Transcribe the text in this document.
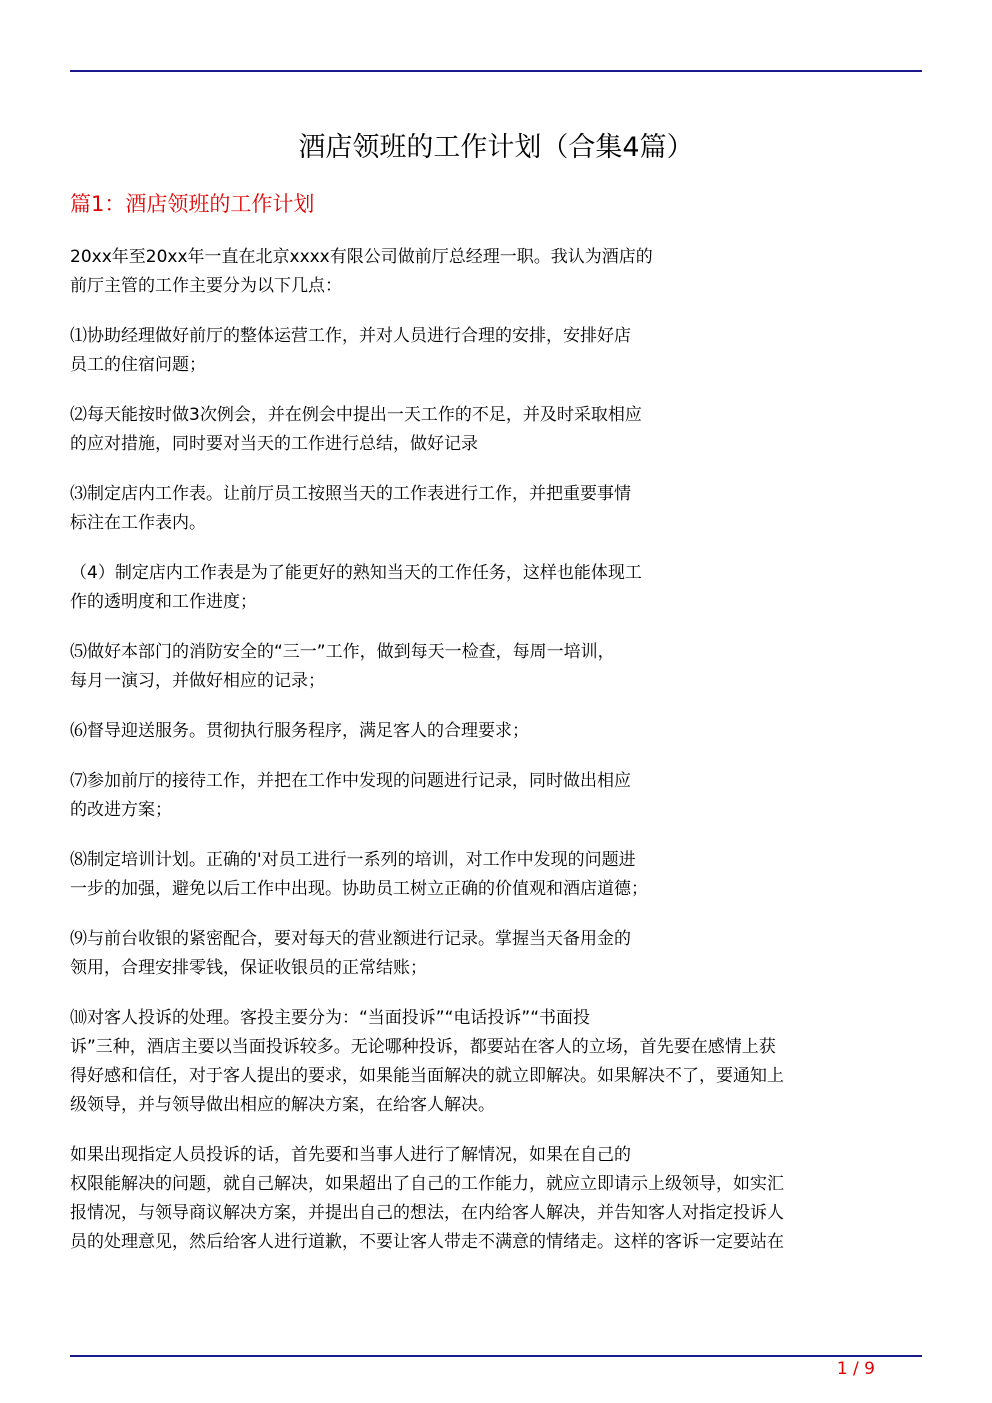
酒店领班的工作计划（合集4篇）
篇1：酒店领班的工作计划

20xx年至20xx年一直在北京xxxx有限公司做前厅总经理一职。我认为酒店的
前厅主管的工作主要分为以下几点：

⑴协助经理做好前厅的整体运营工作，并对人员进行合理的安排，安排好店
员工的住宿问题；

⑵每天能按时做3次例会，并在例会中提出一天工作的不足，并及时采取相应
的应对措施，同时要对当天的工作进行总结，做好记录

⑶制定店内工作表。让前厅员工按照当天的工作表进行工作，并把重要事情
标注在工作表内。

（4）制定店内工作表是为了能更好的熟知当天的工作任务，这样也能体现工
作的透明度和工作进度；

⑸做好本部门的消防安全的“三一”工作，做到每天一检查，每周一培训，
每月一演习，并做好相应的记录；

⑹督导迎送服务。贯彻执行服务程序，满足客人的合理要求；

⑺参加前厅的接待工作，并把在工作中发现的问题进行记录，同时做出相应
的改进方案；

⑻制定培训计划。正确的'对员工进行一系列的培训，对工作中发现的问题进
一步的加强，避免以后工作中出现。协助员工树立正确的价值观和酒店道德；

⑼与前台收银的紧密配合，要对每天的营业额进行记录。掌握当天备用金的
领用，合理安排零钱，保证收银员的正常结账；

⑽对客人投诉的处理。客投主要分为：“当面投诉”“电话投诉”“书面投
诉”三种，酒店主要以当面投诉较多。无论哪种投诉，都要站在客人的立场，首先要在感情上获
得好感和信任，对于客人提出的要求，如果能当面解决的就立即解决。如果解决不了，要通知上
级领导，并与领导做出相应的解决方案，在给客人解决。

如果出现指定人员投诉的话，首先要和当事人进行了解情况，如果在自己的
权限能解决的问题，就自己解决，如果超出了自己的工作能力，就应立即请示上级领导，如实汇
报情况，与领导商议解决方案，并提出自己的想法，在内给客人解决，并告知客人对指定投诉人
员的处理意见，然后给客人进行道歉，不要让客人带走不满意的情绪走。这样的客诉一定要站在

1 / 9
